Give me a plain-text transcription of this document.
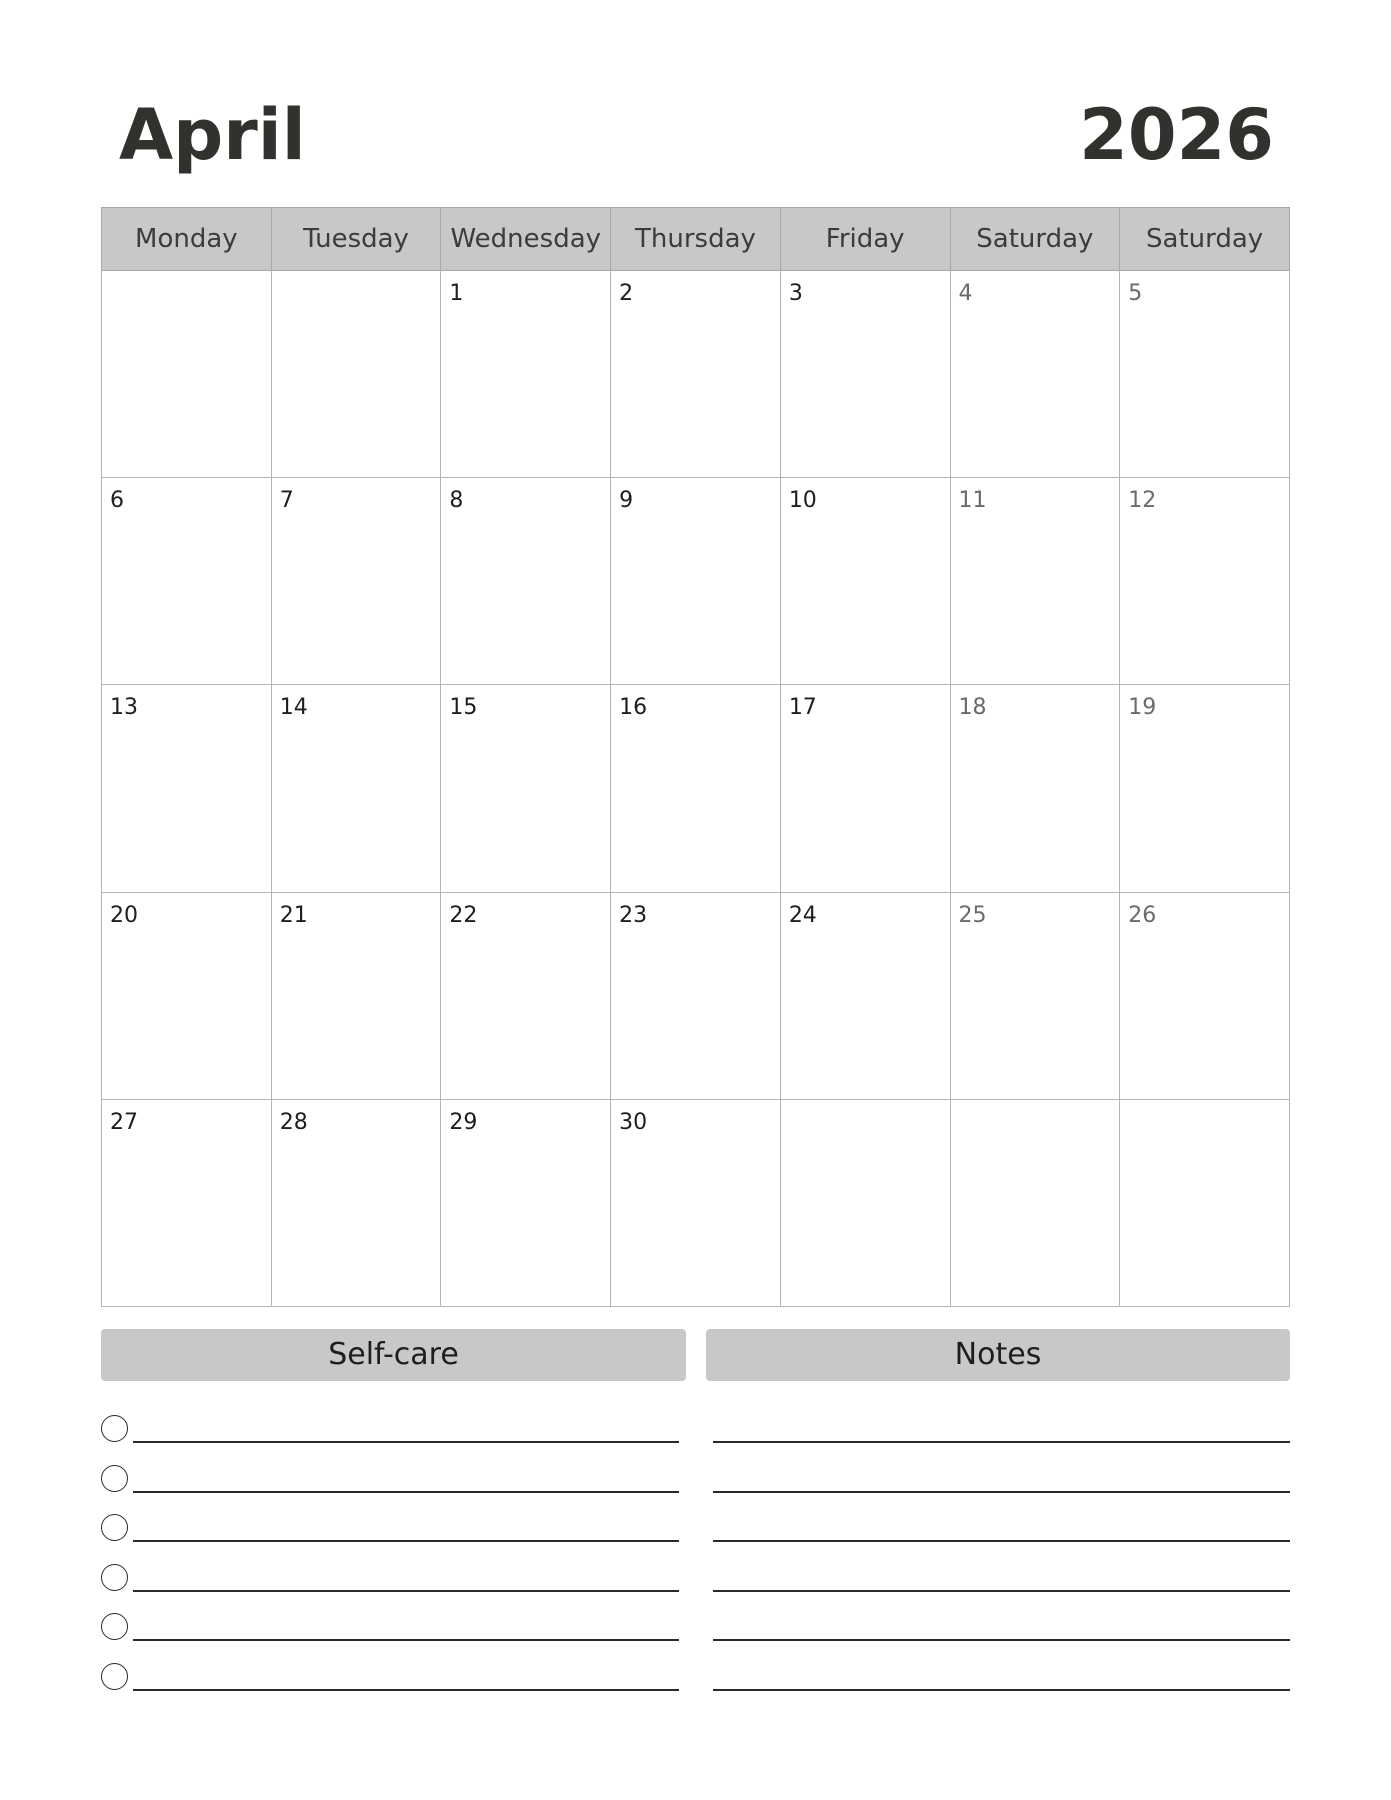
April	2026
Monday	Tuesday	Wednesday	Thursday	Friday	Saturday	Saturday

		1	2	3	4	5

6	7	8	9	10	11	12

13	14	15	16	17	18	19

20	21	22	23	24	25	26

27	28	29	30			

Self-care	Notes
